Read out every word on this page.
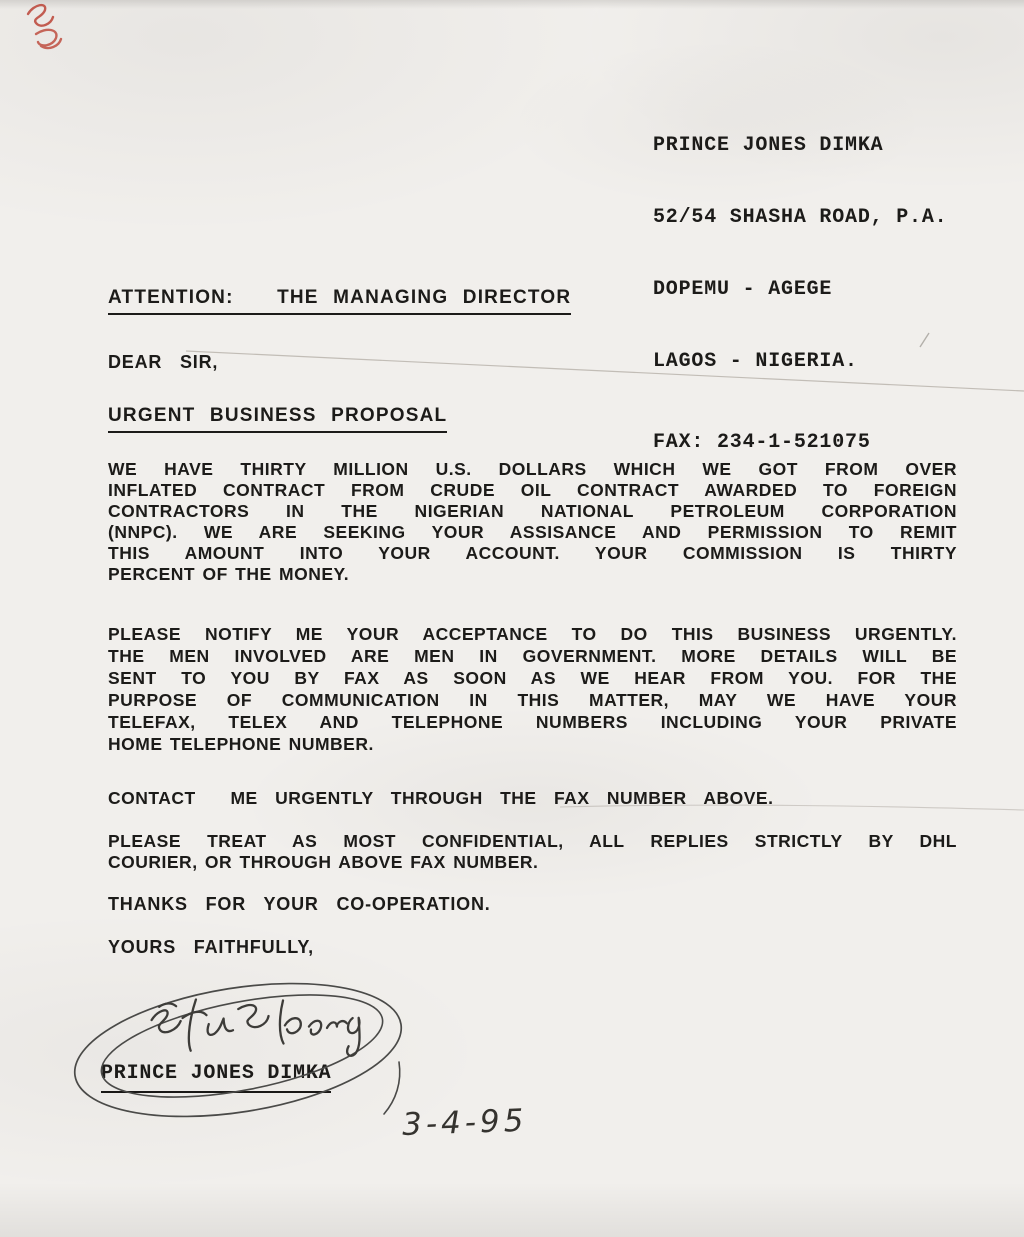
PRINCE JONES DIMKA

52/54 SHASHA ROAD, P.A.

DOPEMU - AGEGE

LAGOS - NIGERIA.

FAX: 234-1-521075

ATTENTION:   THE MANAGING DIRECTOR
DEAR SIR,
URGENT BUSINESS PROPOSAL
WE HAVE THIRTY MILLION U.S. DOLLARS WHICH WE GOT FROM OVER
INFLATED CONTRACT FROM CRUDE OIL CONTRACT AWARDED TO FOREIGN
CONTRACTORS IN THE NIGERIAN NATIONAL PETROLEUM CORPORATION
(NNPC). WE ARE SEEKING YOUR ASSISANCE AND PERMISSION TO REMIT
THIS AMOUNT INTO YOUR ACCOUNT. YOUR COMMISSION IS THIRTY
PERCENT OF THE MONEY.
PLEASE NOTIFY ME YOUR ACCEPTANCE TO DO THIS BUSINESS URGENTLY.
THE MEN INVOLVED ARE MEN IN GOVERNMENT. MORE DETAILS WILL BE
SENT TO YOU BY FAX AS SOON AS WE HEAR FROM YOU. FOR THE
PURPOSE OF COMMUNICATION IN THIS MATTER, MAY WE HAVE YOUR
TELEFAX, TELEX AND TELEPHONE NUMBERS INCLUDING YOUR PRIVATE
HOME TELEPHONE NUMBER.
CONTACT  ME URGENTLY THROUGH THE FAX NUMBER ABOVE.
PLEASE TREAT AS MOST CONFIDENTIAL, ALL REPLIES STRICTLY BY DHL
COURIER, OR THROUGH ABOVE FAX NUMBER.
THANKS FOR YOUR CO-OPERATION.
YOURS FAITHFULLY,
PRINCE JONES DIMKA
3-4-95
